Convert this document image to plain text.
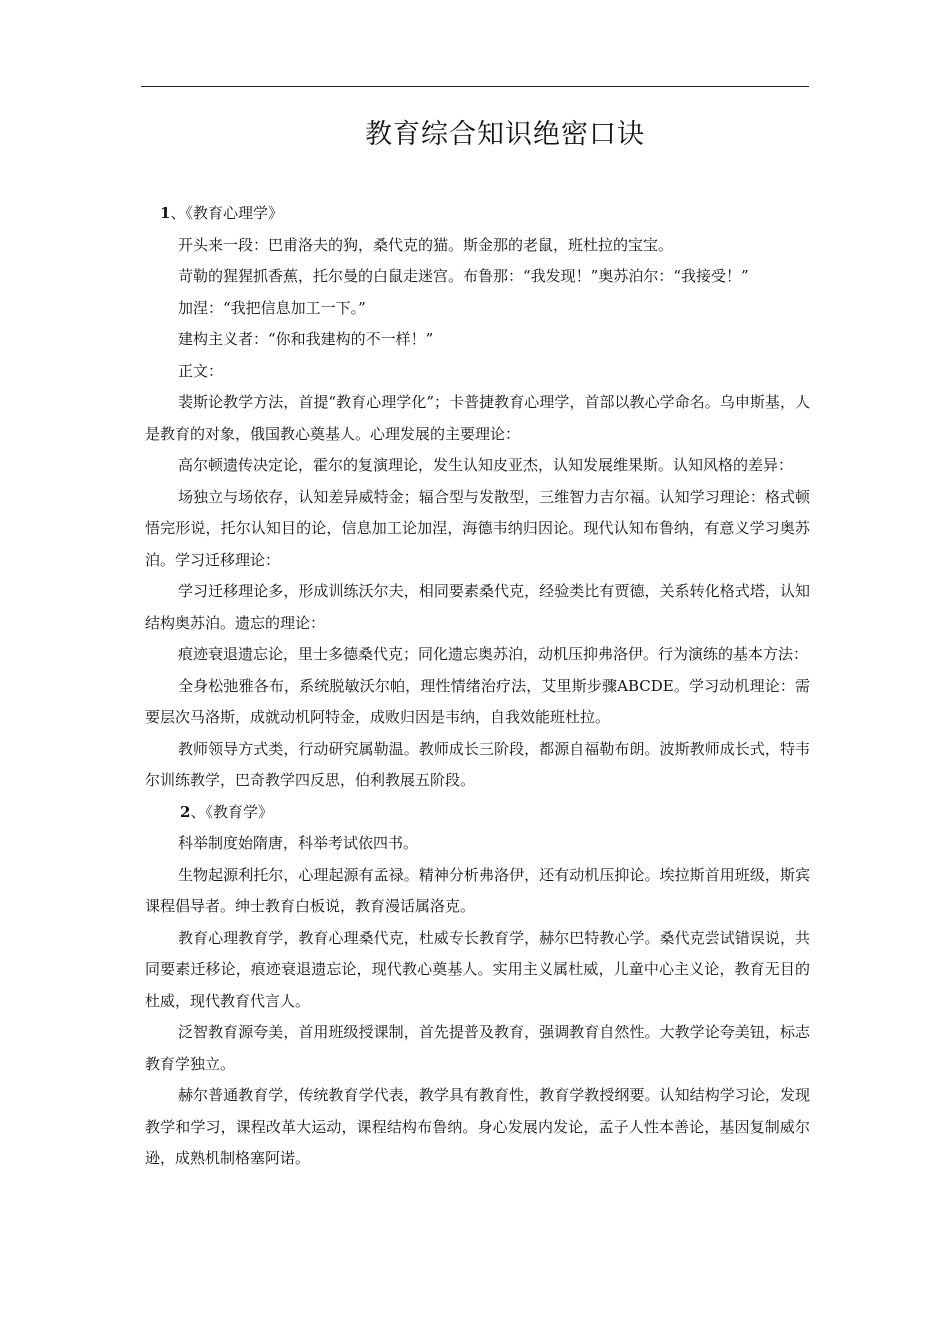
教育综合知识绝密口诀

1、《教育心理学》

开头来一段：巴甫洛夫的狗，桑代克的猫。斯金那的老鼠，班杜拉的宝宝。

苛勒的猩猩抓香蕉，托尔曼的白鼠走迷宫。布鲁那：“我发现！”奥苏泊尔：“我接受！”

加涅：“我把信息加工一下。”

建构主义者：“你和我建构的不一样！”

正文：

裴斯论教学方法，首提“教育心理学化”；卡普捷教育心理学，首部以教心学命名。乌申斯基，人是教育的对象，俄国教心奠基人。心理发展的主要理论：

高尔顿遗传决定论，霍尔的复演理论，发生认知皮亚杰，认知发展维果斯。认知风格的差异：

场独立与场依存，认知差异威特金；辐合型与发散型，三维智力吉尔福。认知学习理论：格式顿悟完形说，托尔认知目的论，信息加工论加涅，海德韦纳归因论。现代认知布鲁纳，有意义学习奥苏泊。学习迁移理论：

学习迁移理论多，形成训练沃尔夫，相同要素桑代克，经验类比有贾德，关系转化格式塔，认知结构奥苏泊。遗忘的理论：

痕迹衰退遗忘论，里士多德桑代克；同化遗忘奥苏泊，动机压抑弗洛伊。行为演练的基本方法：

全身松弛雅各布，系统脱敏沃尔帕，理性情绪治疗法，艾里斯步骤ABCDE。学习动机理论：需要层次马洛斯，成就动机阿特金，成败归因是韦纳，自我效能班杜拉。

教师领导方式类，行动研究属勒温。教师成长三阶段，都源自福勒布朗。波斯教师成长式，特韦尔训练教学，巴奇教学四反思，伯利教展五阶段。

2、《教育学》

科举制度始隋唐，科举考试依四书。

生物起源利托尔，心理起源有孟禄。精神分析弗洛伊，还有动机压抑论。埃拉斯首用班级，斯宾课程倡导者。绅士教育白板说，教育漫话属洛克。

教育心理教育学，教育心理桑代克，杜威专长教育学，赫尔巴特教心学。桑代克尝试错误说，共同要素迁移论，痕迹衰退遗忘论，现代教心奠基人。实用主义属杜威，儿童中心主义论，教育无目的杜威，现代教育代言人。

泛智教育源夸美，首用班级授课制，首先提普及教育，强调教育自然性。大教学论夸美钮，标志教育学独立。

赫尔普通教育学，传统教育学代表，教学具有教育性，教育学教授纲要。认知结构学习论，发现教学和学习，课程改革大运动，课程结构布鲁纳。身心发展内发论，孟子人性本善论，基因复制威尔逊，成熟机制格塞阿诺。
